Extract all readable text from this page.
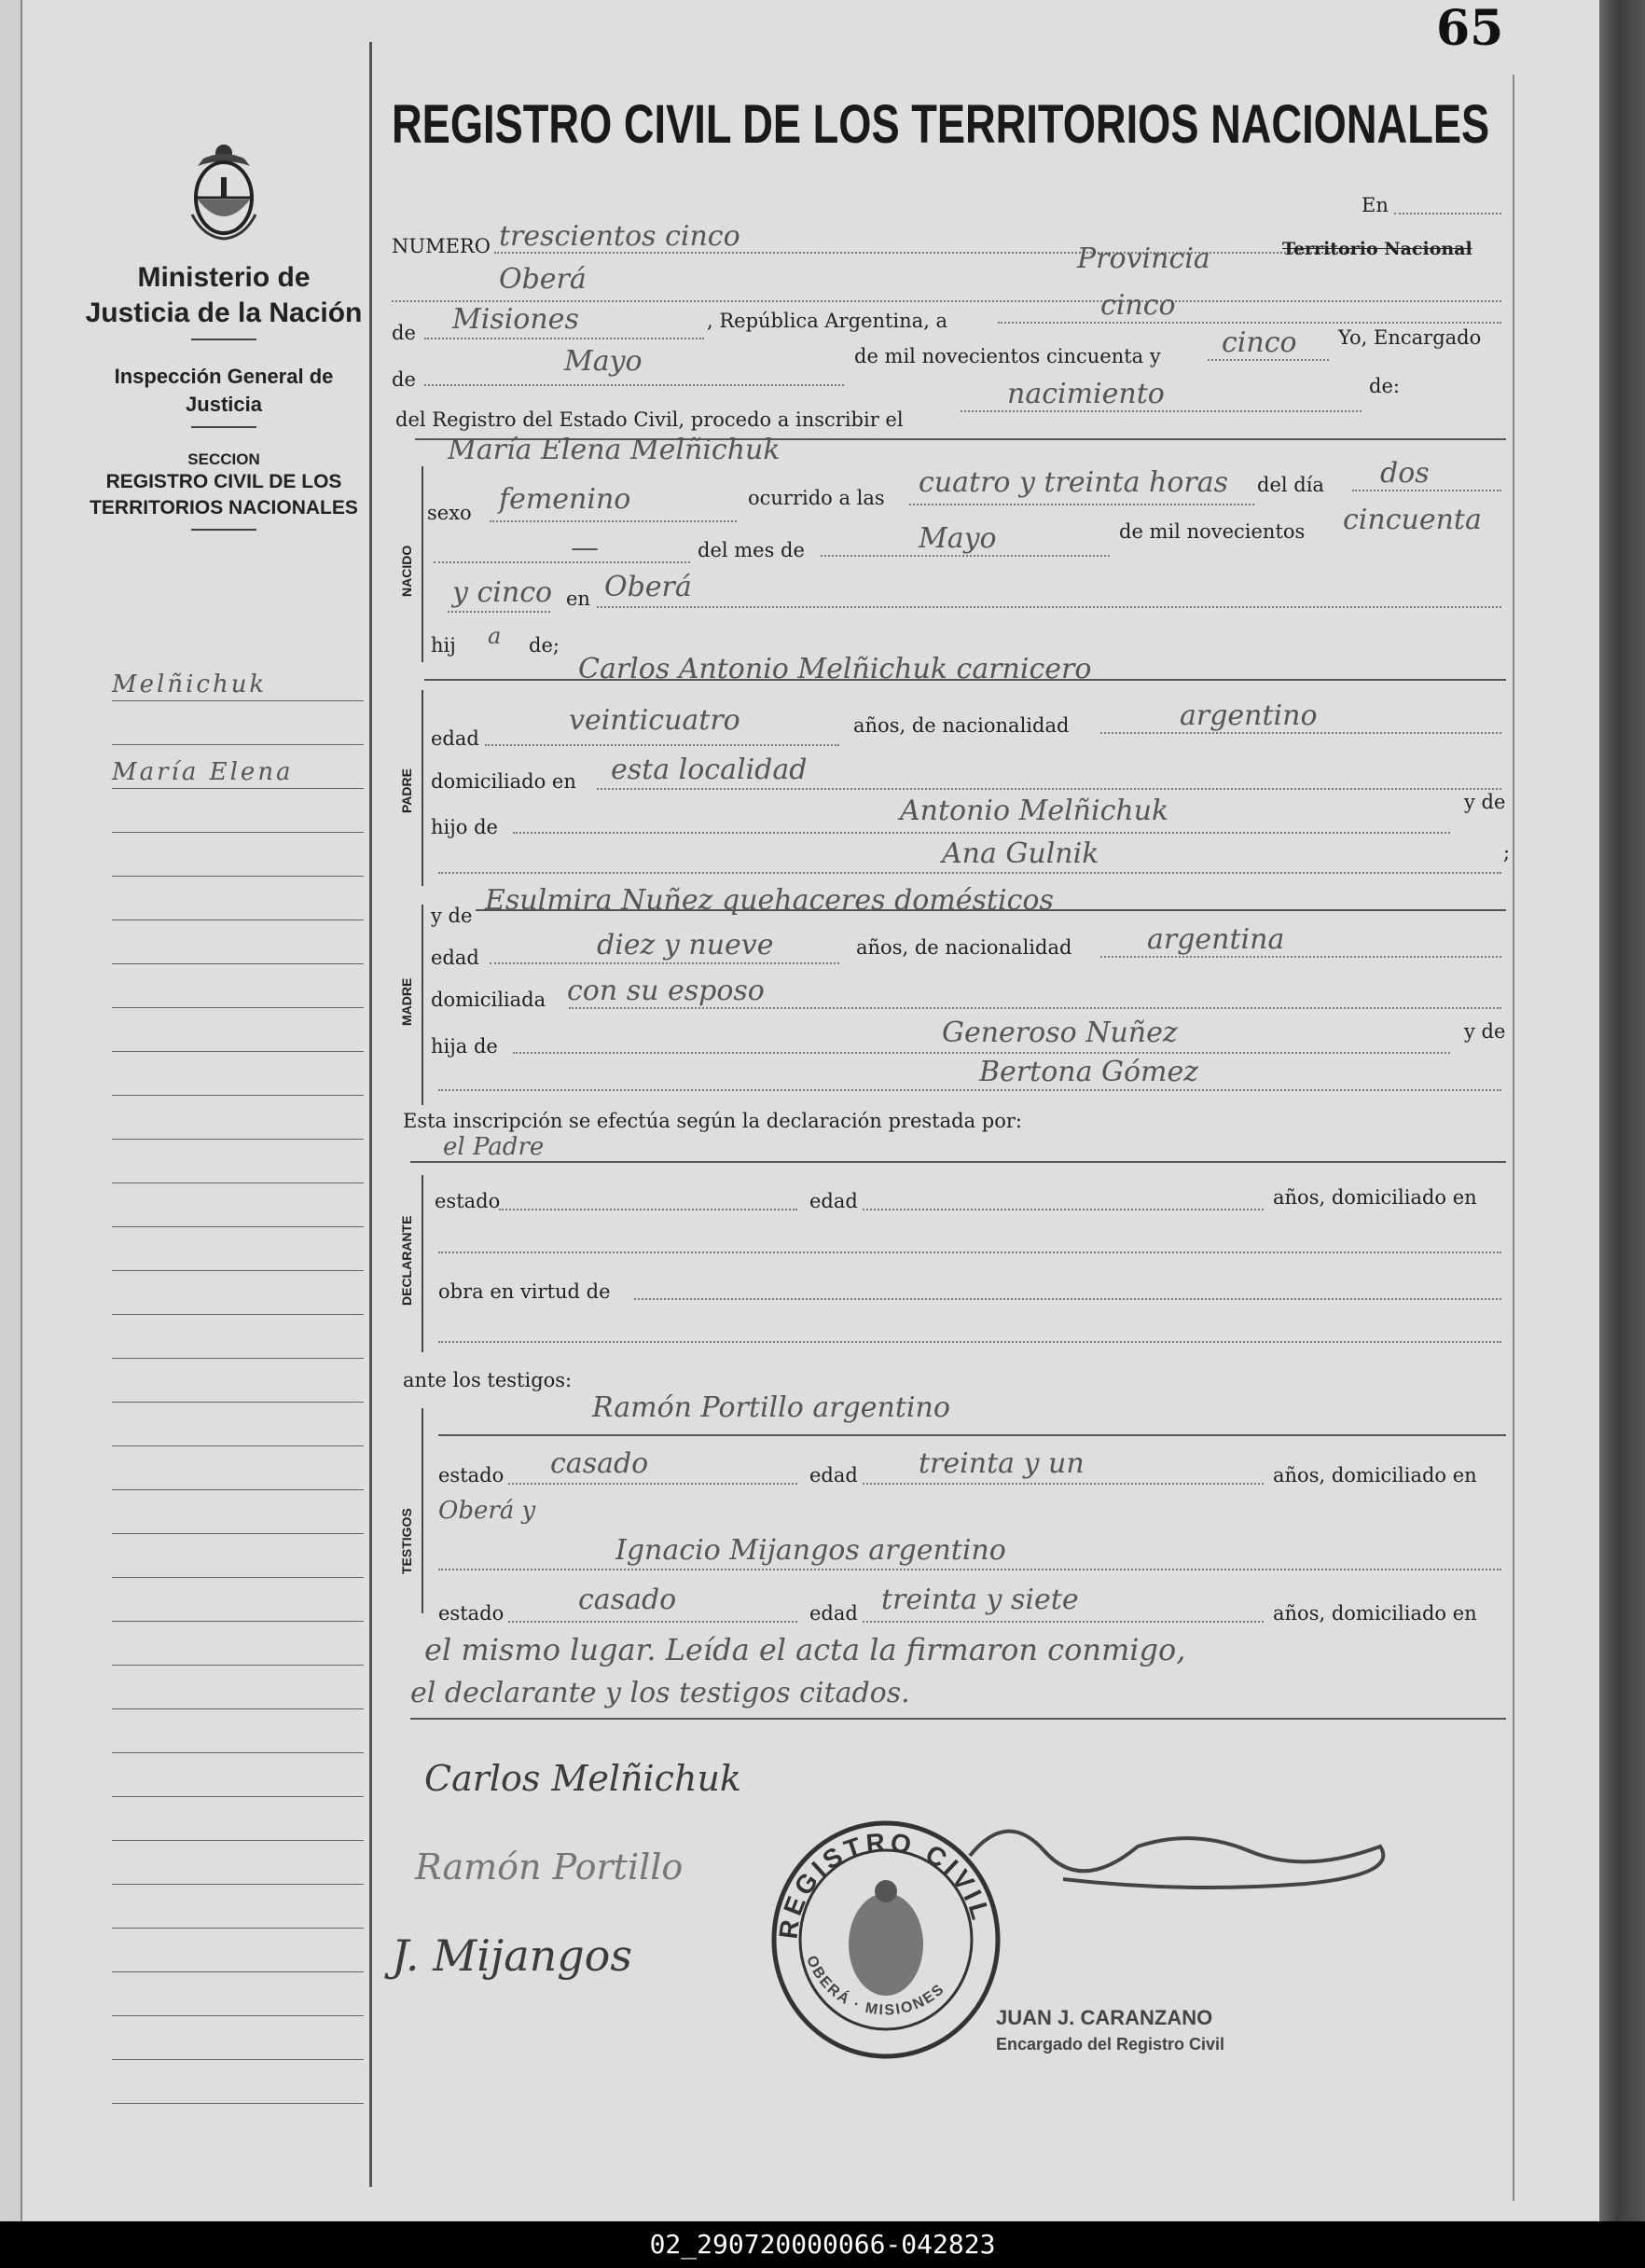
65
Ministerio de Justicia de la Nación
Inspección General de Justicia
SECCION
REGISTRO CIVIL DE LOS TERRITORIOS NACIONALES
Melñichuk
María Elena
REGISTRO CIVIL DE LOS TERRITORIOS NACIONALES
En
NUMERO trescientos cinco
Oberá
Provincia	Territorio Nacional
de Misiones	, República Argentina, a	cinco
de
Mayo	de mil novecientos cincuenta y cinco Yo, Encargado
del Registro del Estado Civil, procedo a inscribir el
nacimiento	de:
NACIDO
María Elena Melñichuk
sexo femenino	ocurrido a las cuatro y treinta horas del día dos
—	del mes de	Mayo	de mil novecientos cincuenta
y cinco en Oberá
hij a de;
PADRE
Carlos Antonio Melñichuk carnicero
edad
veinticuatro	años, de nacionalidad	argentino
domiciliado en esta localidad
hijo de	Antonio Melñichuk	y de
Ana Gulnik	;
MADRE
y de Esulmira Nuñez quehaceres domésticos
edad	diez y nueve	años, de nacionalidad	argentina
domiciliada con su esposo
hija de	Generoso Nuñez	y de
Bertona Gómez
Esta inscripción se efectúa según la declaración prestada por:
el Padre
DECLARANTE
estado	edad	años, domiciliado en
obra en virtud de
ante los testigos:
Ramón Portillo argentino
TESTIGOS
estado casado	edad treinta y un	años, domiciliado en
Oberá y
Ignacio Mijangos argentino
estado	casado	edad treinta y siete	años, domiciliado en
el mismo lugar. Leída el acta la firmaron conmigo,
el declarante y los testigos citados.
Carlos Melñichuk
Ramón Portillo
J. Mijangos
REGISTRO CIVIL
OBERÁ · MISIONES
JUAN J. CARANZANO
Encargado del Registro Civil
02_290720000066-042823
